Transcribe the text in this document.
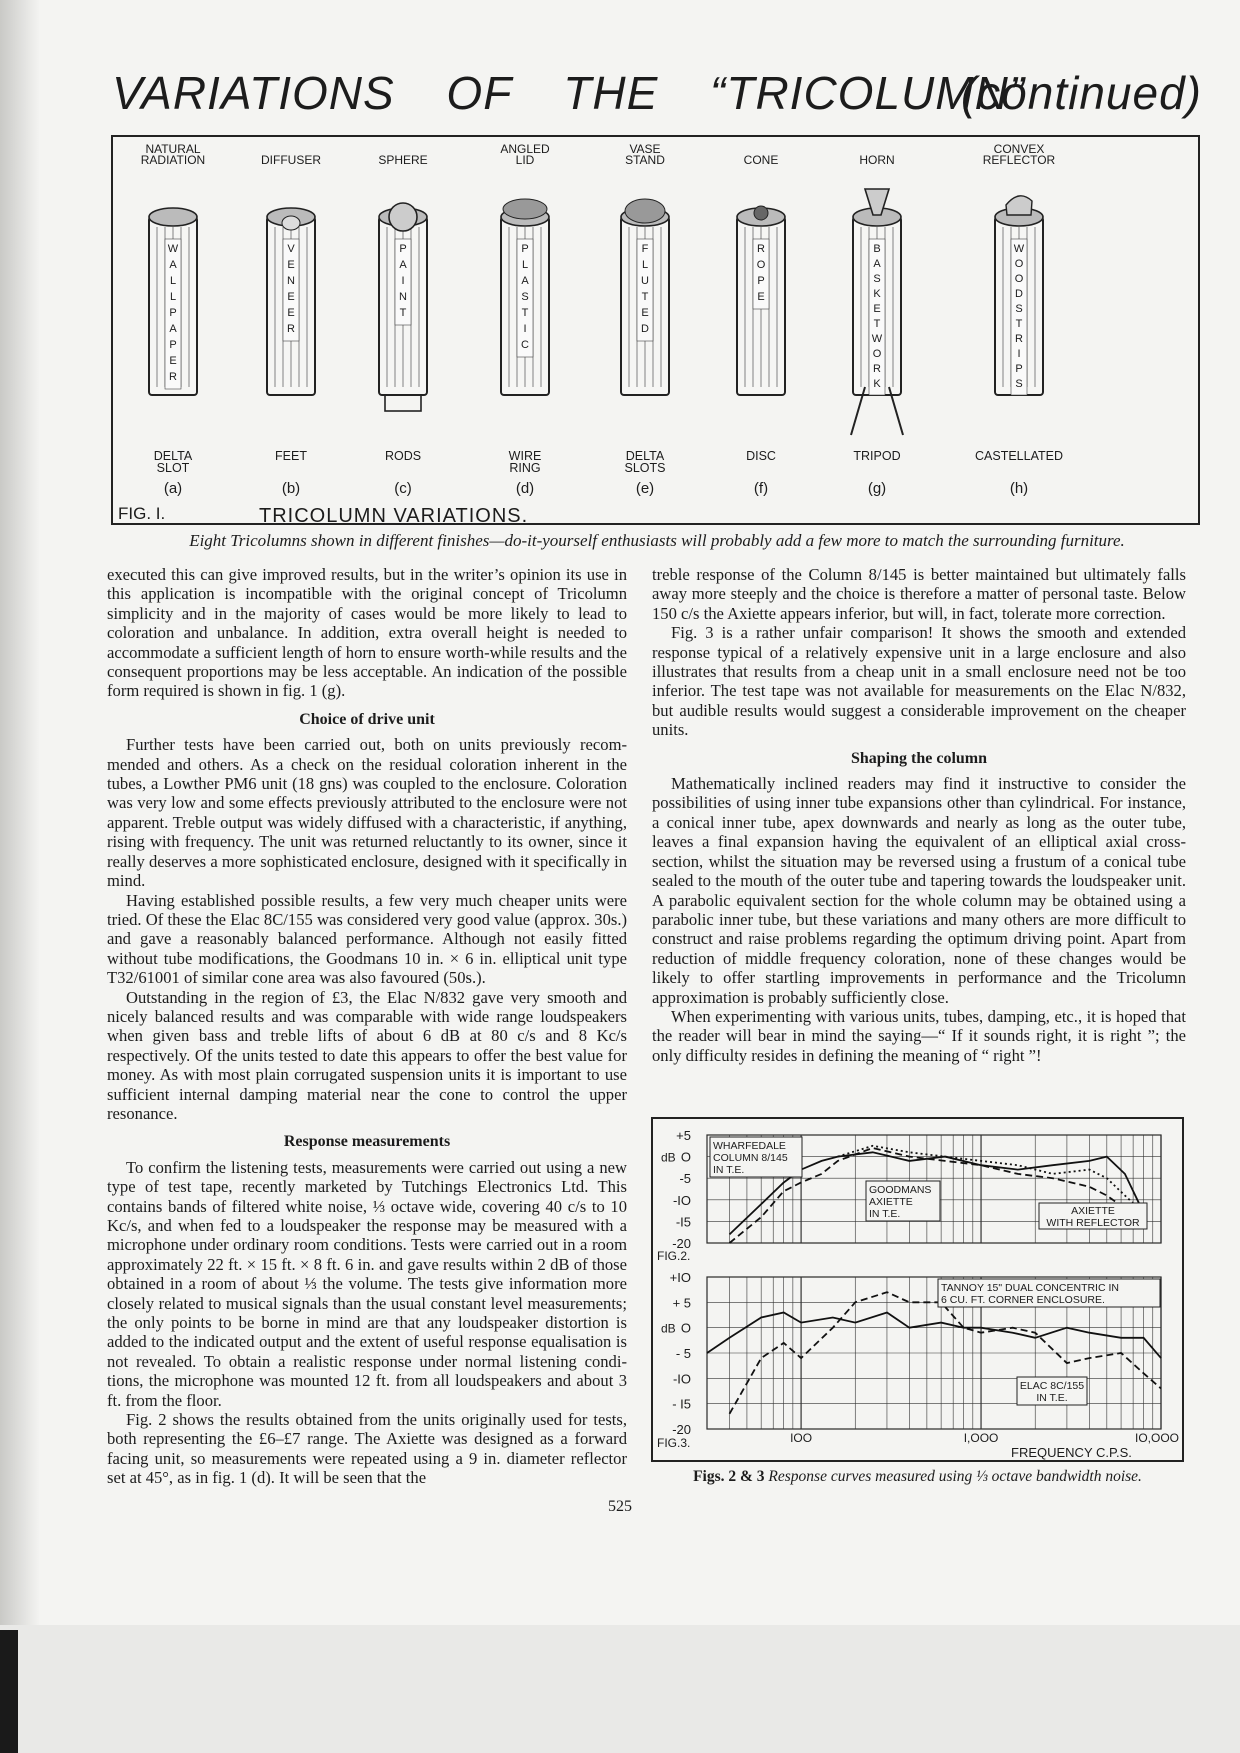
VARIATIONS OF THE “TRICOLUMN”
(continued)
NATURAL
RADIATION
W
A
L
L
P
A
P
E
R
DELTA
SLOT
(a)
DIFFUSER
V
E
N
E
E
R
FEET
(b)
SPHERE
P
A
I
N
T
RODS
(c)
ANGLED
LID
P
L
A
S
T
I
C
WIRE
RING
(d)
VASE
STAND
F
L
U
T
E
D
DELTA
SLOTS
(e)
CONE
R
O
P
E
DISC
(f)
HORN
B
A
S
K
E
T
W
O
R
K
TRIPOD
(g)
CONVEX
REFLECTOR
W
O
O
D
S
T
R
I
P
S
CASTELLATED
(h)
FIG. I.	TRICOLUMN VARIATIONS.
Eight Tricolumns shown in different finishes—do-it-yourself enthusiasts will probably add a few more to match the surrounding furniture.

executed this can give improved results, but in the writer’s opinion its use in this application is incompatible with the original concept of Tricolumn simplicity and in the majority of cases would be more likely to lead to coloration and unbalance. In addition, extra overall height is needed to accommodate a sufficient length of horn to ensure worth-while results and the consequent proportions may be less acceptable. An indication of the possible form required is shown in fig. 1 (g).

Choice of drive unit

Further tests have been carried out, both on units previously recom-mended and others. As a check on the residual coloration inherent in the tubes, a Lowther PM6 unit (18 gns) was coupled to the enclosure. Coloration was very low and some effects previously attributed to the enclosure were not apparent. Treble output was widely diffused with a characteristic, if anything, rising with frequency. The unit was returned reluctantly to its owner, since it really deserves a more sophisticated enclosure, designed with it specifically in mind.

Having established possible results, a few very much cheaper units were tried. Of these the Elac 8C/155 was considered very good value (approx. 30s.) and gave a reasonably balanced performance. Although not easily fitted without tube modifications, the Goodmans 10 in. × 6 in. elliptical unit type T32/61001 of similar cone area was also favoured (50s.).

Outstanding in the region of £3, the Elac N/832 gave very smooth and nicely balanced results and was comparable with wide range loudspeakers when given bass and treble lifts of about 6 dB at 80 c/s and 8 Kc/s respectively. Of the units tested to date this appears to offer the best value for money. As with most plain corrugated suspension units it is important to use sufficient internal damping material near the cone to control the upper resonance.

Response measurements

To confirm the listening tests, measurements were carried out using a new type of test tape, recently marketed by Tutchings Electronics Ltd. This contains bands of filtered white noise, ⅓ octave wide, covering 40 c/s to 10 Kc/s, and when fed to a loudspeaker the response may be measured with a microphone under ordinary room conditions. Tests were carried out in a room approximately 22 ft. × 15 ft. × 8 ft. 6 in. and gave results within 2 dB of those obtained in a room of about ⅓ the volume. The tests give information more closely related to musical signals than the usual constant level measurements; the only points to be borne in mind are that any loudspeaker distortion is added to the indicated output and the extent of useful response equalisation is not revealed. To obtain a realistic response under normal listening condi-tions, the microphone was mounted 12 ft. from all loudspeakers and about 3 ft. from the floor.

Fig. 2 shows the results obtained from the units originally used for tests, both representing the £6–£7 range. The Axiette was designed as a forward facing unit, so measurements were repeated using a 9 in. diameter reflector set at 45°, as in fig. 1 (d). It will be seen that the

treble response of the Column 8/145 is better maintained but ultimately falls away more steeply and the choice is therefore a matter of personal taste. Below 150 c/s the Axiette appears inferior, but will, in fact, tolerate more correction.

Fig. 3 is a rather unfair comparison! It shows the smooth and extended response typical of a relatively expensive unit in a large enclosure and also illustrates that results from a cheap unit in a small enclosure need not be too inferior. The test tape was not available for measurements on the Elac N/832, but audible results would suggest a considerable improvement on the cheaper units.

Shaping the column

Mathematically inclined readers may find it instructive to consider the possibilities of using inner tube expansions other than cylindrical. For instance, a conical inner tube, apex downwards and nearly as long as the outer tube, leaves a final expansion having the equivalent of an elliptical axial cross-section, whilst the situation may be reversed using a frustum of a conical tube sealed to the mouth of the outer tube and tapering towards the loudspeaker unit. A parabolic equivalent section for the whole column may be obtained using a parabolic inner tube, but these variations and many others are more difficult to construct and raise problems regarding the optimum driving point. Apart from reduction of middle frequency coloration, none of these changes would be likely to offer startling improvements in performance and the Tricolumn approximation is probably sufficiently close.

When experimenting with various units, tubes, damping, etc., it is hoped that the reader will bear in mind the saying—“ If it sounds right, it is right ”; the only difficulty resides in defining the meaning of “ right ”!

+5
O
-5
-IO
-I5
-20
dB
FIG.2.
+IO
+ 5
O
- 5
-IO
- I5
-20
dB
FIG.3.
WHARFEDALE
COLUMN 8/145
IN T.E.
GOODMANS
AXIETTE
IN T.E.	AXIETTE
WITH REFLECTOR
TANNOY 15" DUAL CONCENTRIC IN
6 CU. FT. CORNER ENCLOSURE.
ELAC 8C/155
IN T.E.
IOO	I,OOO	IO,OOO
FREQUENCY C.P.S.
Figs. 2 & 3 Response curves measured using ⅓ octave bandwidth noise.
525
